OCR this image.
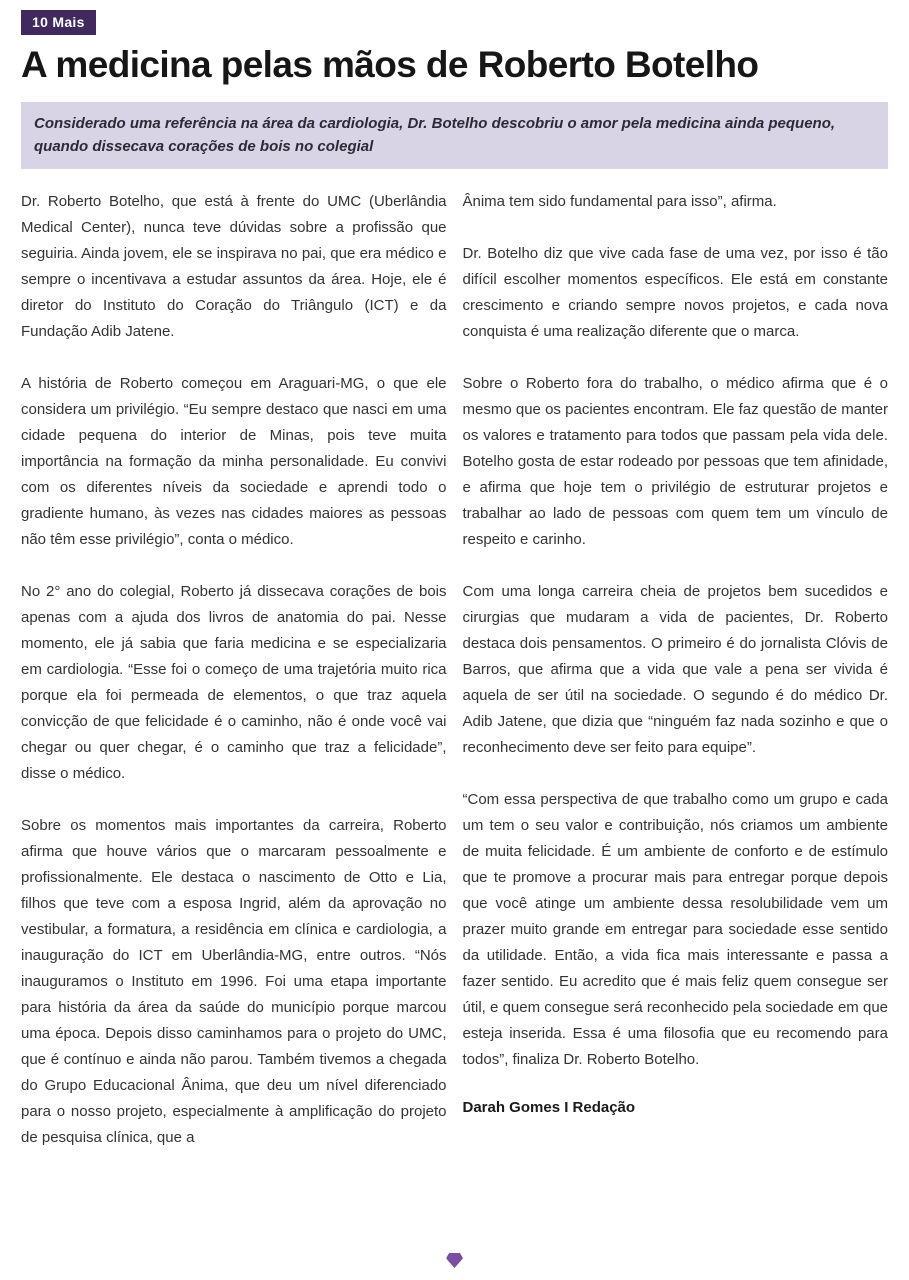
10 Mais
A medicina pelas mãos de Roberto Botelho
Considerado uma referência na área da cardiologia, Dr. Botelho descobriu o amor pela medicina ainda pequeno, quando dissecava corações de bois no colegial

Dr. Roberto Botelho, que está à frente do UMC (Uberlândia Medical Center), nunca teve dúvidas sobre a profissão que seguiria. Ainda jovem, ele se inspirava no pai, que era médico e sempre o incentivava a estudar assuntos da área. Hoje, ele é diretor do Instituto do Coração do Triângulo (ICT) e da Fundação Adib Jatene.

A história de Roberto começou em Araguari-MG, o que ele considera um privilégio. “Eu sempre destaco que nasci em uma cidade pequena do interior de Minas, pois teve muita importância na formação da minha personalidade. Eu convivi com os diferentes níveis da sociedade e aprendi todo o gradiente humano, às vezes nas cidades maiores as pessoas não têm esse privilégio”, conta o médico.

No 2° ano do colegial, Roberto já dissecava corações de bois apenas com a ajuda dos livros de anatomia do pai. Nesse momento, ele já sabia que faria medicina e se especializaria em cardiologia. “Esse foi o começo de uma trajetória muito rica porque ela foi permeada de elementos, o que traz aquela convicção de que felicidade é o caminho, não é onde você vai chegar ou quer chegar, é o caminho que traz a felicidade”, disse o médico.

Sobre os momentos mais importantes da carreira, Roberto afirma que houve vários que o marcaram pessoalmente e profissionalmente. Ele destaca o nascimento de Otto e Lia, filhos que teve com a esposa Ingrid, além da aprovação no vestibular, a formatura, a residência em clínica e cardiologia, a inauguração do ICT em Uberlândia-MG, entre outros. “Nós inauguramos o Instituto em 1996. Foi uma etapa importante para história da área da saúde do município porque marcou uma época. Depois disso caminhamos para o projeto do UMC, que é contínuo e ainda não parou. Também tivemos a chegada do Grupo Educacional Ânima, que deu um nível diferenciado para o nosso projeto, especialmente à amplificação do projeto de pesquisa clínica, que a

Ânima tem sido fundamental para isso”, afirma.

Dr. Botelho diz que vive cada fase de uma vez, por isso é tão difícil escolher momentos específicos. Ele está em constante crescimento e criando sempre novos projetos, e cada nova conquista é uma realização diferente que o marca.

Sobre o Roberto fora do trabalho, o médico afirma que é o mesmo que os pacientes encontram. Ele faz questão de manter os valores e tratamento para todos que passam pela vida dele. Botelho gosta de estar rodeado por pessoas que tem afinidade, e afirma que hoje tem o privilégio de estruturar projetos e trabalhar ao lado de pessoas com quem tem um vínculo de respeito e carinho.

Com uma longa carreira cheia de projetos bem sucedidos e cirurgias que mudaram a vida de pacientes, Dr. Roberto destaca dois pensamentos. O primeiro é do jornalista Clóvis de Barros, que afirma que a vida que vale a pena ser vivida é aquela de ser útil na sociedade. O segundo é do médico Dr. Adib Jatene, que dizia que “ninguém faz nada sozinho e que o reconhecimento deve ser feito para equipe”.

“Com essa perspectiva de que trabalho como um grupo e cada um tem o seu valor e contribuição, nós criamos um ambiente de muita felicidade. É um ambiente de conforto e de estímulo que te promove a procurar mais para entregar porque depois que você atinge um ambiente dessa resolubilidade vem um prazer muito grande em entregar para sociedade esse sentido da utilidade. Então, a vida fica mais interessante e passa a fazer sentido. Eu acredito que é mais feliz quem consegue ser útil, e quem consegue será reconhecido pela sociedade em que esteja inserida. Essa é uma filosofia que eu recomendo para todos”, finaliza Dr. Roberto Botelho.

Darah Gomes I Redação
